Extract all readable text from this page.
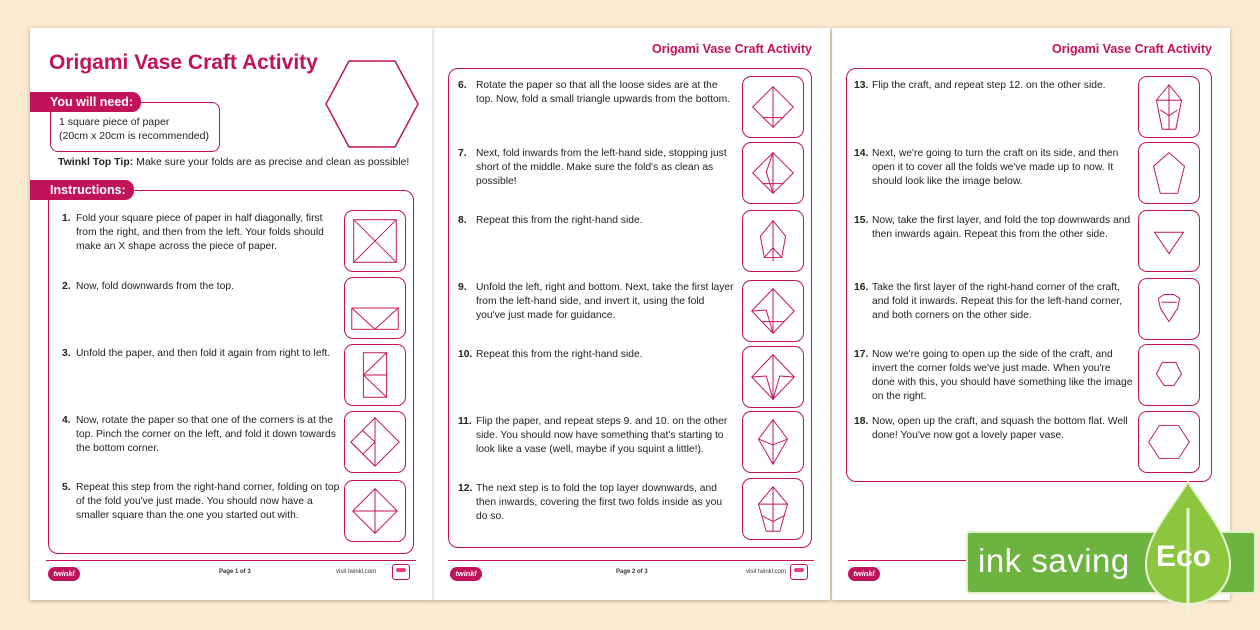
Origami Vase Craft Activity
You will need:
1 square piece of paper
(20cm x 20cm is recommended)
Twinkl Top Tip: Make sure your folds are as precise and clean as possible!
Instructions:
1. Fold your square piece of paper in half diagonally, first from the right, and then from the left. Your folds should make an X shape across the piece of paper.
2. Now, fold downwards from the top.
3. Unfold the paper, and then fold it again from right to left.
4. Now, rotate the paper so that one of the corners is at the top. Pinch the corner on the left, and fold it down towards the bottom corner.
5. Repeat this step from the right-hand corner, folding on top of the fold you've just made. You should now have a smaller square than the one you started out with.
twinkl	Page 1 of 3	visit twinkl.com
Origami Vase Craft Activity
6. Rotate the paper so that all the loose sides are at the top. Now, fold a small triangle upwards from the bottom.
7. Next, fold inwards from the left-hand side, stopping just short of the middle. Make sure the fold's as clean as possible!
8. Repeat this from the right-hand side.
9. Unfold the left, right and bottom. Next, take the first layer from the left-hand side, and invert it, using the fold you've just made for guidance.
10. Repeat this from the right-hand side.
11. Flip the paper, and repeat steps 9. and 10. on the other side. You should now have something that's starting to look like a vase (well, maybe if you squint a little!).
12. The next step is to fold the top layer downwards, and then inwards, covering the first two folds inside as you do so.
twinkl	Page 2 of 3	visit twinkl.com
Origami Vase Craft Activity
13. Flip the craft, and repeat step 12. on the other side.
14. Next, we're going to turn the craft on its side, and then open it to cover all the folds we've made up to now. It should look like the image below.
15. Now, take the first layer, and fold the top downwards and then inwards again. Repeat this from the other side.
16. Take the first layer of the right-hand corner of the craft, and fold it inwards. Repeat this for the left-hand corner, and both corners on the other side.
17. Now we're going to open up the side of the craft, and invert the corner folds we've just made. When you're done with this, you should have something like the image on the right.
18. Now, open up the craft, and squash the bottom flat. Well done! You've now got a lovely paper vase.
twinkl	ink saving Eco
